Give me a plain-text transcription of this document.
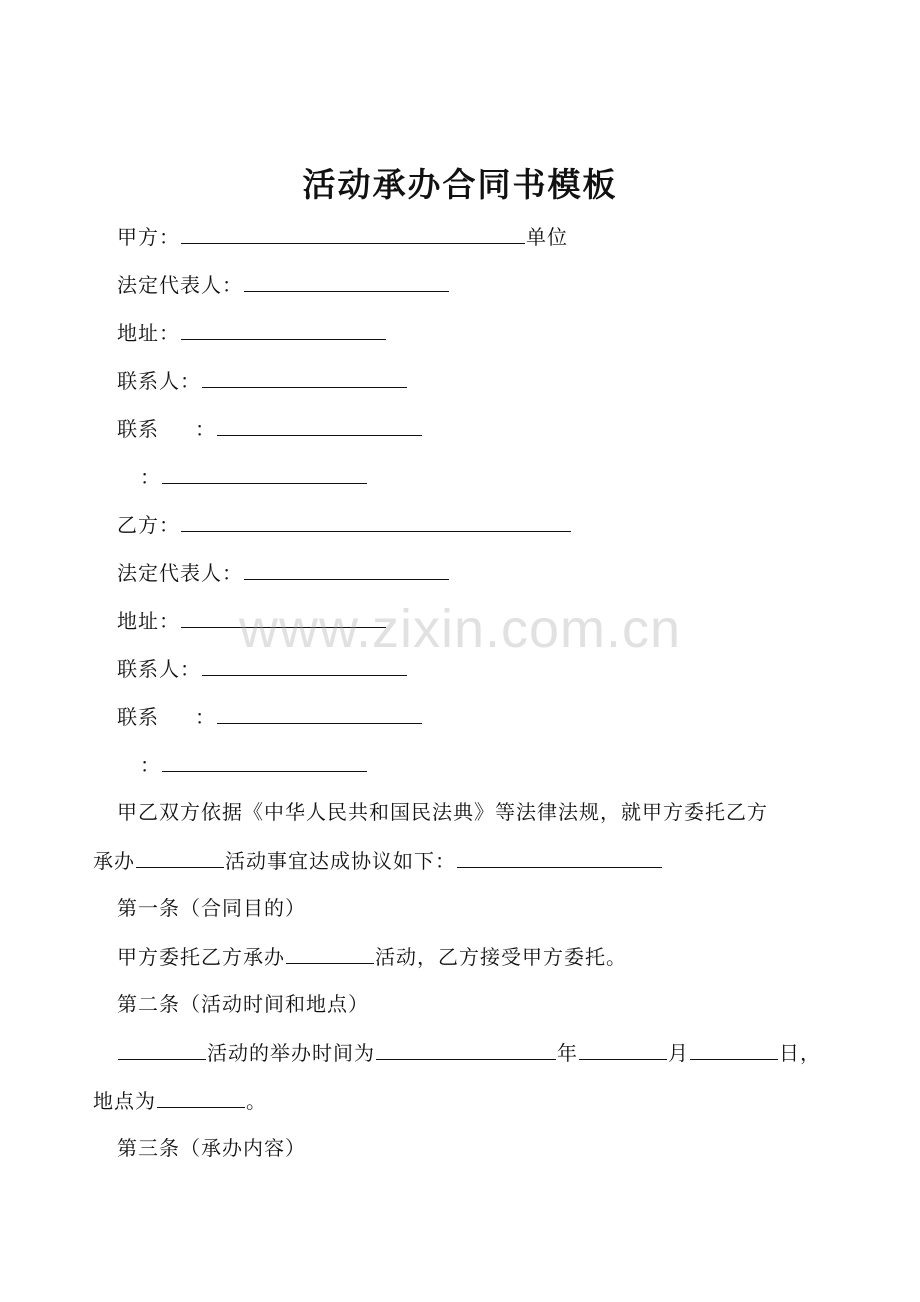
活动承办合同书模板
甲方：	单位
法定代表人：
地址：
联系人：
联系 ：
：
乙方：
法定代表人：
地址：
联系人：
联系 ：
：
甲乙双方依据《中华人民共和国民法典》等法律法规，就甲方委托乙方
承办	活动事宜达成协议如下：
第一条（合同目的）
甲方委托乙方承办	活动，乙方接受甲方委托。
第二条（活动时间和地点）
活动的举办时间为	年	月	日，
地点为	。
第三条（承办内容）
www.zixin.com.cn
